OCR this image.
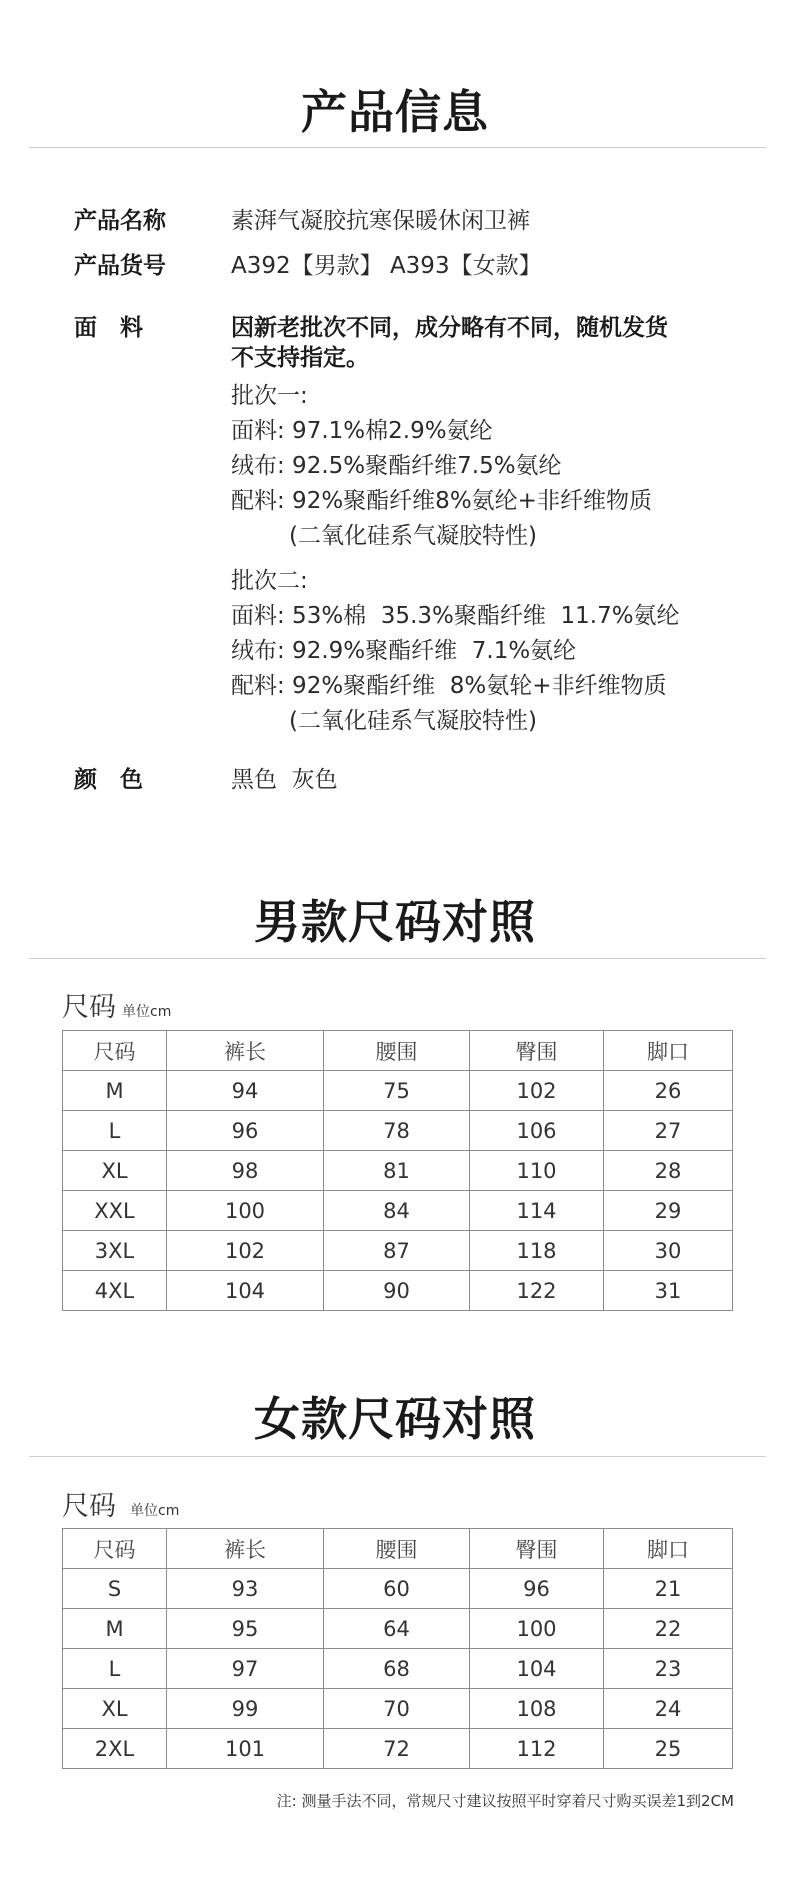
产品信息
产品名称	素湃气凝胶抗寒保暖休闲卫裤
产品货号	A392【男款】 A393【女款】
面　料	因新老批次不同，成分略有不同，随机发货
不支持指定。
批次一:
面料: 97.1%棉2.9%氨纶
绒布: 92.5%聚酯纤维7.5%氨纶
配料: 92%聚酯纤维8%氨纶+非纤维物质
(二氧化硅系气凝胶特性)
批次二:
面料: 53%棉  35.3%聚酯纤维  11.7%氨纶
绒布: 92.9%聚酯纤维  7.1%氨纶
配料: 92%聚酯纤维  8%氨轮+非纤维物质
(二氧化硅系气凝胶特性)
颜　色	黑色  灰色
男款尺码对照
尺码 单位cm
尺码	裤长	腰围	臀围	脚口
M	94	75	102	26
L	96	78	106	27
XL	98	81	110	28
XXL	100	84	114	29
3XL	102	87	118	30
4XL	104	90	122	31
女款尺码对照
尺码 单位cm
尺码	裤长	腰围	臀围	脚口
S	93	60	96	21
M	95	64	100	22
L	97	68	104	23
XL	99	70	108	24
2XL	101	72	112	25
注: 测量手法不同，常规尺寸建议按照平时穿着尺寸购买误差1到2CM
